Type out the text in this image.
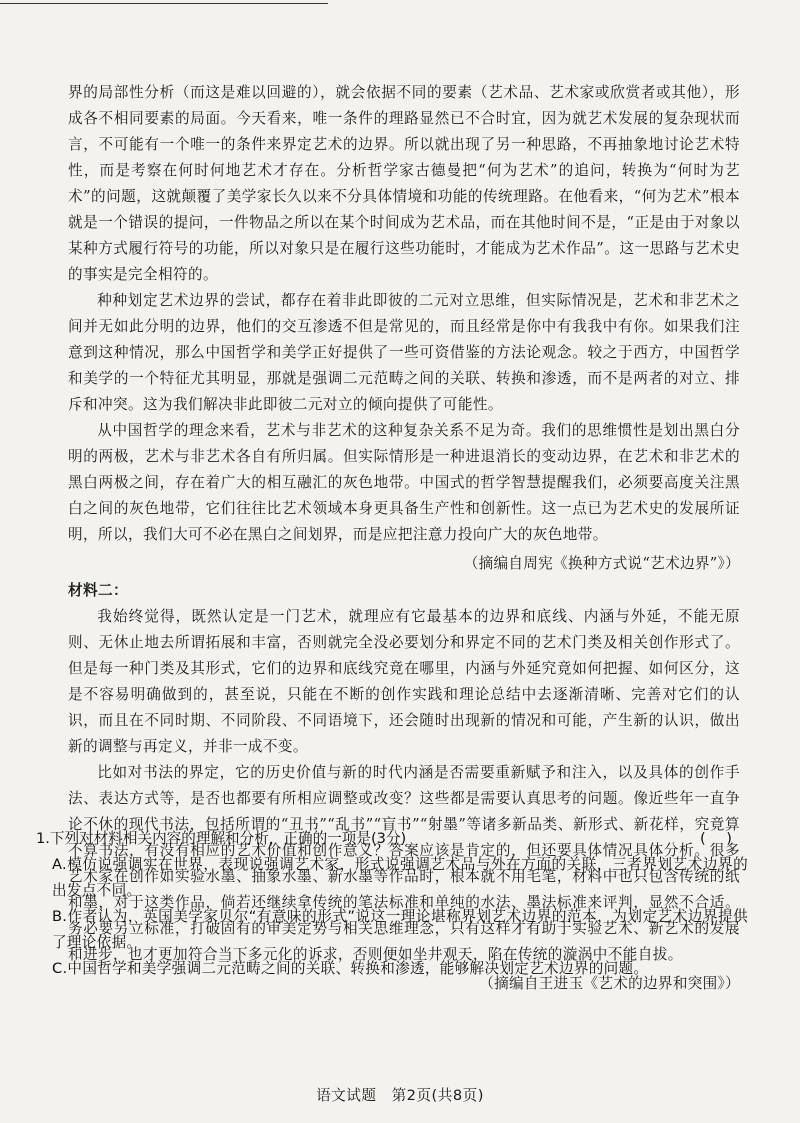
界的局部性分析（而这是难以回避的），就会依据不同的要素（艺术品、艺术家或欣赏者或其他），形成各不相同要素的局面。今天看来，唯一条件的理路显然已不合时宜，因为就艺术发展的复杂现状而言，不可能有一个唯一的条件来界定艺术的边界。所以就出现了另一种思路，不再抽象地讨论艺术特性，而是考察在何时何地艺术才存在。分析哲学家古德曼把“何为艺术”的追问，转换为“何时为艺术”的问题，这就颠覆了美学家长久以来不分具体情境和功能的传统理路。在他看来，“何为艺术”根本就是一个错误的提问，一件物品之所以在某个时间成为艺术品，而在其他时间不是，“正是由于对象以某种方式履行符号的功能，所以对象只是在履行这些功能时，才能成为艺术作品”。这一思路与艺术史的事实是完全相符的。

种种划定艺术边界的尝试，都存在着非此即彼的二元对立思维，但实际情况是，艺术和非艺术之间并无如此分明的边界，他们的交互渗透不但是常见的，而且经常是你中有我我中有你。如果我们注意到这种情况，那么中国哲学和美学正好提供了一些可资借鉴的方法论观念。较之于西方，中国哲学和美学的一个特征尤其明显，那就是强调二元范畴之间的关联、转换和渗透，而不是两者的对立、排斥和冲突。这为我们解决非此即彼二元对立的倾向提供了可能性。

从中国哲学的理念来看，艺术与非艺术的这种复杂关系不足为奇。我们的思维惯性是划出黑白分明的两极，艺术与非艺术各自有所归属。但实际情形是一种进退消长的变动边界，在艺术和非艺术的黑白两极之间，存在着广大的相互融汇的灰色地带。中国式的哲学智慧提醒我们，必须要高度关注黑白之间的灰色地带，它们往往比艺术领域本身更具备生产性和创新性。这一点已为艺术史的发展所证明，所以，我们大可不必在黑白之间划界，而是应把注意力投向广大的灰色地带。

（摘编自周宪《换种方式说“艺术边界”》）

材料二：

我始终觉得，既然认定是一门艺术，就理应有它最基本的边界和底线、内涵与外延，不能无原则、无休止地去所谓拓展和丰富，否则就完全没必要划分和界定不同的艺术门类及相关创作形式了。但是每一种门类及其形式，它们的边界和底线究竟在哪里，内涵与外延究竟如何把握、如何区分，这是不容易明确做到的，甚至说，只能在不断的创作实践和理论总结中去逐渐清晰、完善对它们的认识，而且在不同时期、不同阶段、不同语境下，还会随时出现新的情况和可能，产生新的认识，做出新的调整与再定义，并非一成不变。

比如对书法的界定，它的历史价值与新的时代内涵是否需要重新赋予和注入，以及具体的创作手法、表达方式等，是否也都要有所相应调整或改变？这些都是需要认真思考的问题。像近些年一直争论不休的现代书法，包括所谓的“丑书”“乱书”“盲书”“射墨”等诸多新品类、新形式、新花样，究竟算不算书法，有没有相应的艺术价值和创作意义？答案应该是肯定的，但还要具体情况具体分析。很多艺术家在创作如实验水墨、抽象水墨、新水墨等作品时，根本就不用毛笔，材料中也只包含传统的纸和墨，对于这类作品，倘若还继续拿传统的笔法标准和单纯的水法、墨法标准来评判，显然不合适。务必要另立标准，打破固有的审美定势与相关思维理念，只有这样才有助于实验艺术、新艺术的发展和进步，也才更加符合当下多元化的诉求，否则便如坐井观天，陷在传统的漩涡中不能自拔。

（摘编自王进玉《艺术的边界和突围》）

1.下列对材料相关内容的理解和分析，正确的一项是(3分)	( )

A.模仿说强调实在世界，表现说强调艺术家，形式说强调艺术品与外在方面的关联，三者界划艺术边界的出发点不同。

B.作者认为，英国美学家贝尔“有意味的形式”说这一理论堪称界划艺术边界的范本，为划定艺术边界提供了理论依据。

C.中国哲学和美学强调二元范畴之间的关联、转换和渗透，能够解决划定艺术边界的问题。

语文试题　第2页(共8页)
